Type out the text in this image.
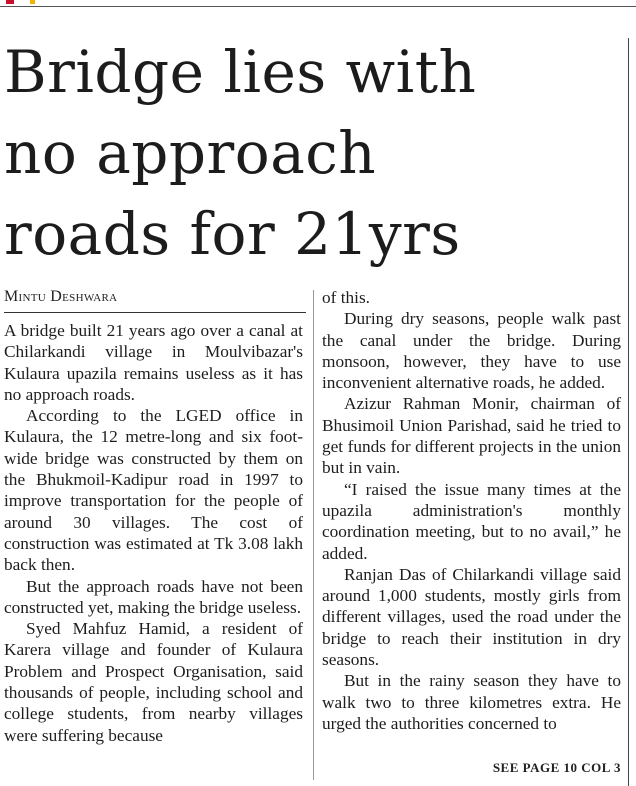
Bridge lies with
no approach
roads for 21yrs
Mintu Deshwara

A bridge built 21 years ago over a canal at Chilarkandi village in Moulvibazar's Kulaura upazila remains useless as it has no approach roads.

According to the LGED office in Kulaura, the 12 metre-long and six foot-wide bridge was constructed by them on the Bhukmoil-Kadipur road in 1997 to improve transportation for the people of around 30 villages. The cost of construction was estimated at Tk 3.08 lakh back then.

But the approach roads have not been constructed yet, making the bridge useless.

Syed Mahfuz Hamid, a resident of Karera village and founder of Kulaura Problem and Prospect Organisation, said thousands of people, including school and college students, from nearby villages were suffering because

of this.

During dry seasons, people walk past the canal under the bridge. During monsoon, however, they have to use inconvenient alternative roads, he added.

Azizur Rahman Monir, chairman of Bhusimoil Union Parishad, said he tried to get funds for different projects in the union but in vain.

“I raised the issue many times at the upazila administration's monthly coordination meeting, but to no avail,” he added.

Ranjan Das of Chilarkandi village said around 1,000 students, mostly girls from different villages, used the road under the bridge to reach their institution in dry seasons.

But in the rainy season they have to walk two to three kilometres extra. He urged the authorities concerned to

SEE PAGE 10 COL 3
